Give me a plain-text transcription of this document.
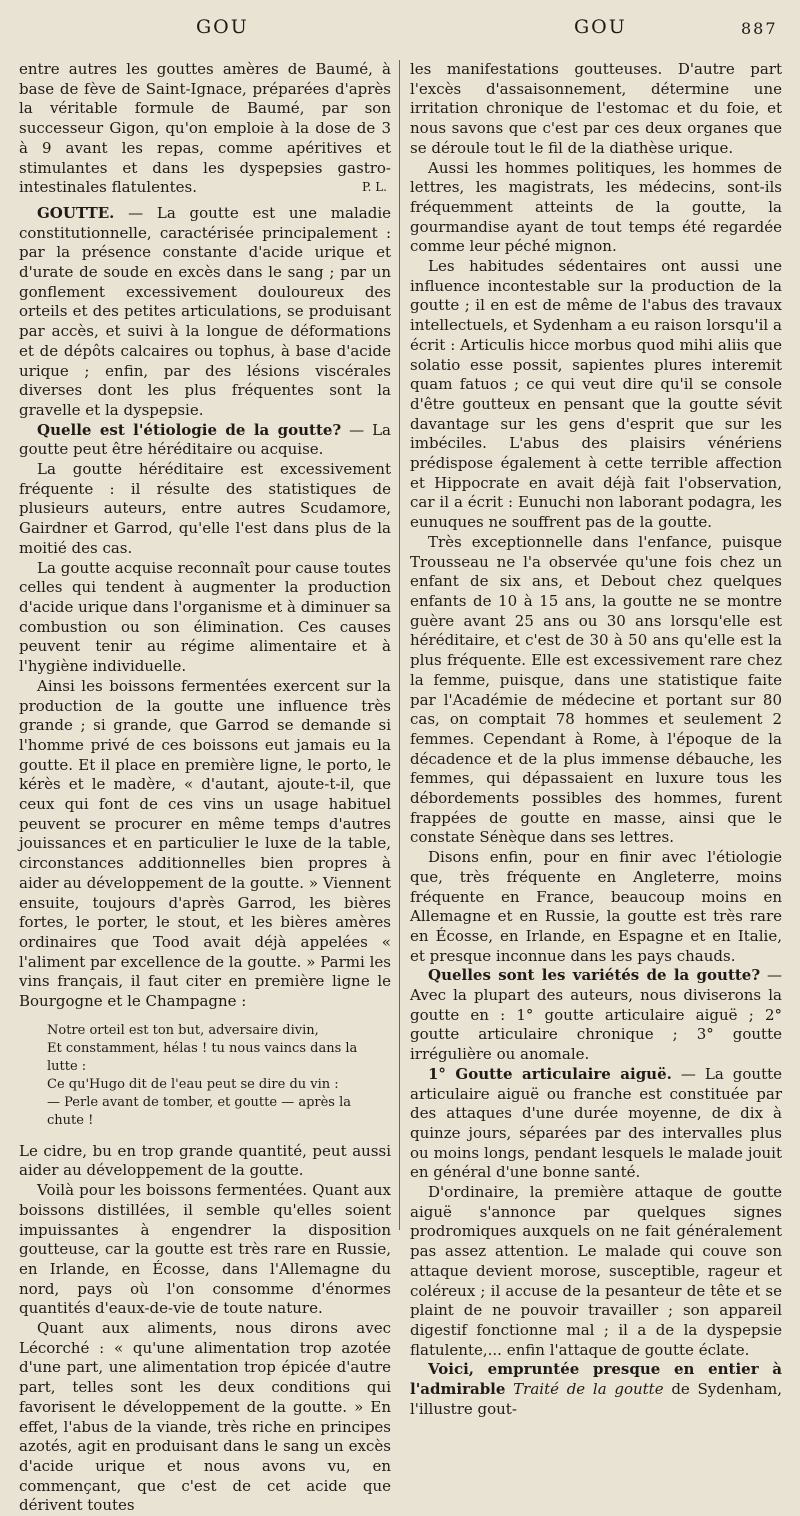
GOU	GOU	887

entre autres les gouttes amères de Baumé, à base de fève de Saint-Ignace, préparées d'après la véritable formule de Baumé, par son successeur Gigon, qu'on emploie à la dose de 3 à 9 avant les repas, comme apéritives et stimulantes et dans les dyspepsies gastro-intestinales flatulentes.	P. L.

GOUTTE. — La goutte est une maladie constitutionnelle, caractérisée principalement : par la présence constante d'acide urique et d'urate de soude en excès dans le sang ; par un gonflement excessivement douloureux des orteils et des petites articulations, se produisant par accès, et suivi à la longue de déformations et de dépôts calcaires ou tophus, à base d'acide urique ; enfin, par des lésions viscérales diverses dont les plus fréquentes sont la gravelle et la dyspepsie.

Quelle est l'étiologie de la goutte? — La goutte peut être héréditaire ou acquise.

La goutte héréditaire est excessivement fréquente : il résulte des statistiques de plusieurs auteurs, entre autres Scudamore, Gairdner et Garrod, qu'elle l'est dans plus de la moitié des cas.

La goutte acquise reconnaît pour cause toutes celles qui tendent à augmenter la production d'acide urique dans l'organisme et à diminuer sa combustion ou son élimination. Ces causes peuvent tenir au régime alimentaire et à l'hygiène individuelle.

Ainsi les boissons fermentées exercent sur la production de la goutte une influence très grande ; si grande, que Garrod se demande si l'homme privé de ces boissons eut jamais eu la goutte. Et il place en première ligne, le porto, le kérès et le madère, « d'autant, ajoute-t-il, que ceux qui font de ces vins un usage habituel peuvent se procurer en même temps d'autres jouissances et en particulier le luxe de la table, circonstances additionnelles bien propres à aider au développement de la goutte. » Viennent ensuite, toujours d'après Garrod, les bières fortes, le porter, le stout, et les bières amères ordinaires que Tood avait déjà appelées « l'aliment par excellence de la goutte. » Parmi les vins français, il faut citer en première ligne le Bourgogne et le Champagne :

Notre orteil est ton but, adversaire divin,
Et constamment, hélas ! tu nous vaincs dans la lutte :
Ce qu'Hugo dit de l'eau peut se dire du vin :
— Perle avant de tomber, et goutte — après la chute !

Le cidre, bu en trop grande quantité, peut aussi aider au développement de la goutte.

Voilà pour les boissons fermentées. Quant aux boissons distillées, il semble qu'elles soient impuissantes à engendrer la disposition goutteuse, car la goutte est très rare en Russie, en Irlande, en Écosse, dans l'Allemagne du nord, pays où l'on consomme d'énormes quantités d'eaux-de-vie de toute nature.

Quant aux aliments, nous dirons avec Lécorché : « qu'une alimentation trop azotée d'une part, une alimentation trop épicée d'autre part, telles sont les deux conditions qui favorisent le développement de la goutte. » En effet, l'abus de la viande, très riche en principes azotés, agit en produisant dans le sang un excès d'acide urique et nous avons vu, en commençant, que c'est de cet acide que dérivent toutes

les manifestations goutteuses. D'autre part l'excès d'assaisonnement, détermine une irritation chronique de l'estomac et du foie, et nous savons que c'est par ces deux organes que se déroule tout le fil de la diathèse urique.

Aussi les hommes politiques, les hommes de lettres, les magistrats, les médecins, sont-ils fréquemment atteints de la goutte, la gourmandise ayant de tout temps été regardée comme leur péché mignon.

Les habitudes sédentaires ont aussi une influence incontestable sur la production de la goutte ; il en est de même de l'abus des travaux intellectuels, et Sydenham a eu raison lorsqu'il a écrit : Articulis hicce morbus quod mihi aliis que solatio esse possit, sapientes plures interemit quam fatuos ; ce qui veut dire qu'il se console d'être goutteux en pensant que la goutte sévit davantage sur les gens d'esprit que sur les imbéciles. L'abus des plaisirs vénériens prédispose également à cette terrible affection et Hippocrate en avait déjà fait l'observation, car il a écrit : Eunuchi non laborant podagra, les eunuques ne souffrent pas de la goutte.

Très exceptionnelle dans l'enfance, puisque Trousseau ne l'a observée qu'une fois chez un enfant de six ans, et Debout chez quelques enfants de 10 à 15 ans, la goutte ne se montre guère avant 25 ans ou 30 ans lorsqu'elle est héréditaire, et c'est de 30 à 50 ans qu'elle est la plus fréquente. Elle est excessivement rare chez la femme, puisque, dans une statistique faite par l'Académie de médecine et portant sur 80 cas, on comptait 78 hommes et seulement 2 femmes. Cependant à Rome, à l'époque de la décadence et de la plus immense débauche, les femmes, qui dépassaient en luxure tous les débordements possibles des hommes, furent frappées de goutte en masse, ainsi que le constate Sénèque dans ses lettres.

Disons enfin, pour en finir avec l'étiologie que, très fréquente en Angleterre, moins fréquente en France, beaucoup moins en Allemagne et en Russie, la goutte est très rare en Écosse, en Irlande, en Espagne et en Italie, et presque inconnue dans les pays chauds.

Quelles sont les variétés de la goutte? — Avec la plupart des auteurs, nous diviserons la goutte en : 1° goutte articulaire aiguë ; 2° goutte articulaire chronique ; 3° goutte irrégulière ou anomale.

1° Goutte articulaire aiguë. — La goutte articulaire aiguë ou franche est constituée par des attaques d'une durée moyenne, de dix à quinze jours, séparées par des intervalles plus ou moins longs, pendant lesquels le malade jouit en général d'une bonne santé.

D'ordinaire, la première attaque de goutte aiguë s'annonce par quelques signes prodromiques auxquels on ne fait généralement pas assez attention. Le malade qui couve son attaque devient morose, susceptible, rageur et coléreux ; il accuse de la pesanteur de tête et se plaint de ne pouvoir travailler ; son appareil digestif fonctionne mal ; il a de la dyspepsie flatulente,... enfin l'attaque de goutte éclate.

Voici, empruntée presque en entier à l'admirable Traité de la goutte de Sydenham, l'illustre gout-
